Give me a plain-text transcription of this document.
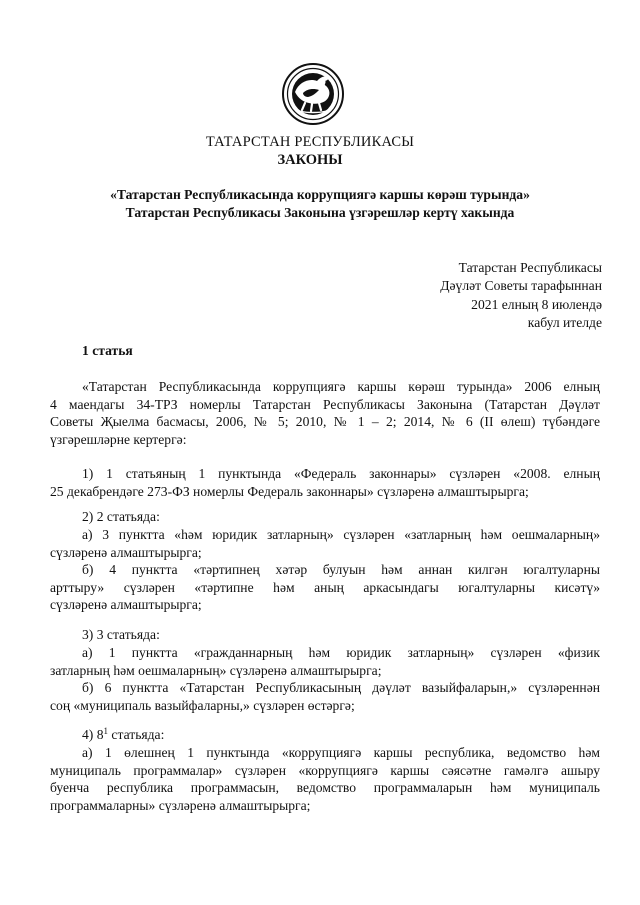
ТАТАРСТАН РЕСПУБЛИКАСЫ
ЗАКОНЫ
«Татарстан Республикасында коррупциягә каршы көрәш турында»
Татарстан Республикасы Законына үзгәрешләр кертү хакында
Татарстан Республикасы
Дәүләт Советы тарафыннан
2021 елның 8 июлендә
кабул ителде
1 статья
«Татарстан Республикасында коррупциягә каршы көрәш турында» 2006 елның
4 маендагы 34-ТРЗ номерлы Татарстан Республикасы Законына (Татарстан Дәүләт
Советы Җыелма басмасы, 2006, № 5; 2010, № 1 – 2; 2014, № 6 (II өлеш) түбәндәге
үзгәрешләрне кертергә:
1) 1 статьяның 1 пунктында «Федераль законнары» сүзләрен «2008. елның
25 декабрендәге 273-ФЗ номерлы Федераль законнары» сүзләренә алмаштырырга;
2) 2 статьяда:
а) 3 пунктта «һәм юридик затларның» сүзләрен «затларның һәм оешмаларның»
сүзләренә алмаштырырга;
б) 4 пунктта «тәртипнең хәтәр булуын һәм аннан килгән югалтуларны
арттыру» сүзләрен «тәртипне һәм аның аркасындагы югалтуларны кисәтү»
сүзләренә алмаштырырга;
3) 3 статьяда:
а) 1 пунктта «гражданнарның һәм юридик затларның» сүзләрен «физик
затларның һәм оешмаларның» сүзләренә алмаштырырга;
б) 6 пунктта «Татарстан Республикасының дәүләт вазыйфаларын,» сүзләреннән
соң «муниципаль вазыйфаларны,» сүзләрен өстәргә;
4) $8^1$ статьяда:
а) 1 өлешнең 1 пунктында «коррупциягә каршы республика, ведомство һәм
муниципаль программалар» сүзләрен «коррупциягә каршы сәясәтне гамәлгә ашыру
буенча республика программасын, ведомство программаларын һәм муниципаль
программаларны» сүзләренә алмаштырырга;
